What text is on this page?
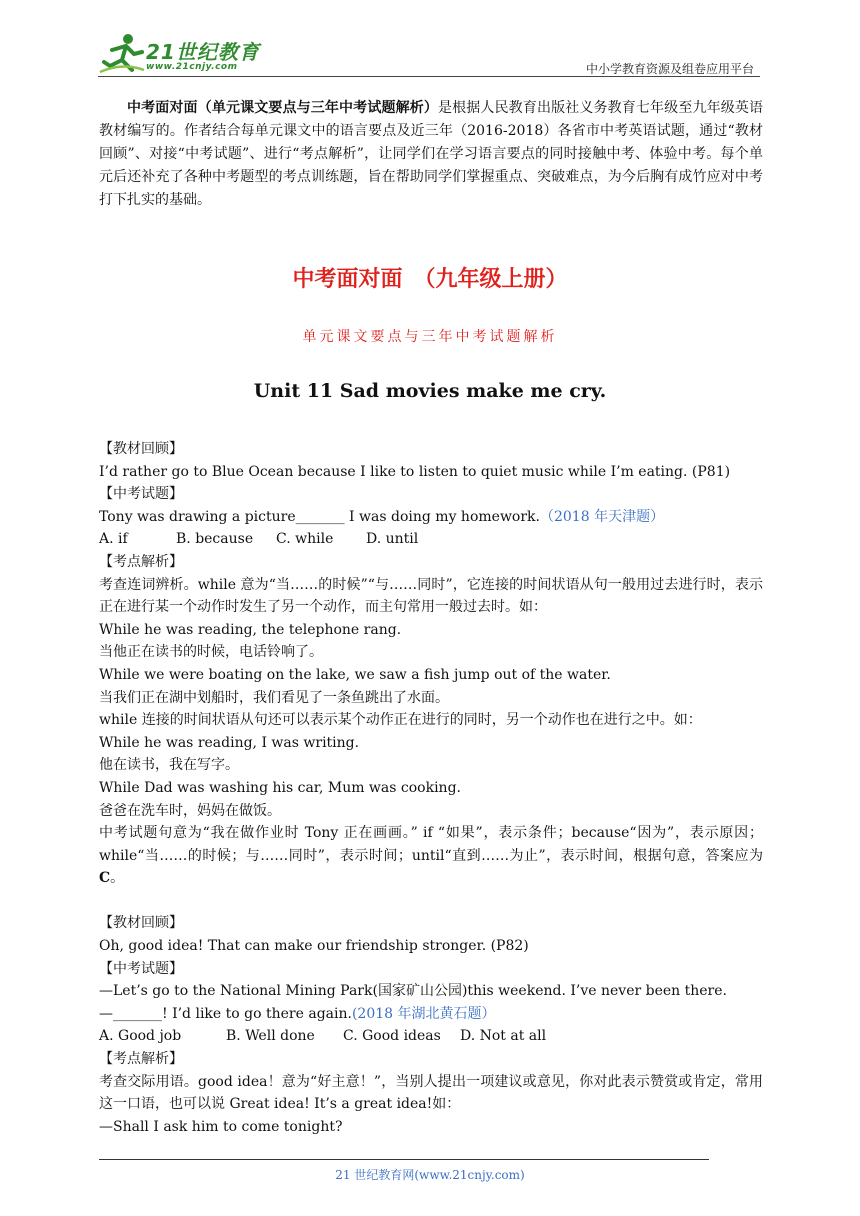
21世纪教育
www.21cnjy.com	中小学教育资源及组卷应用平台
中考面对面（单元课文要点与三年中考试题解析）是根据人民教育出版社义务教育七年级至九年级英语教材编写的。作者结合每单元课文中的语言要点及近三年（2016-2018）各省市中考英语试题，通过“教材回顾”、对接“中考试题”、进行“考点解析”，让同学们在学习语言要点的同时接触中考、体验中考。每个单元后还补充了各种中考题型的考点训练题，旨在帮助同学们掌握重点、突破难点，为今后胸有成竹应对中考打下扎实的基础。
中考面对面　（九年级上册）
单元课文要点与三年中考试题解析
Unit 11 Sad movies make me cry.
【教材回顾】
I’d rather go to Blue Ocean because I like to listen to quiet music while I’m eating. (P81)
【中考试题】
Tony was drawing a picture_______ I was doing my homework.（2018 年天津题）
A. if	B. because C. while D. until
【考点解析】
考查连词辨析。while 意为“当……的时候”“与……同时”，它连接的时间状语从句一般用过去进行时，表示正在进行某一个动作时发生了另一个动作，而主句常用一般过去时。如：
While he was reading, the telephone rang.
当他正在读书的时候，电话铃响了。
While we were boating on the lake, we saw a fish jump out of the water.
当我们正在湖中划船时，我们看见了一条鱼跳出了水面。
while 连接的时间状语从句还可以表示某个动作正在进行的同时，另一个动作也在进行之中。如：
While he was reading, I was writing.
他在读书，我在写字。
While Dad was washing his car, Mum was cooking.
爸爸在洗车时，妈妈在做饭。
中考试题句意为“我在做作业时 Tony 正在画画。” if “如果”，表示条件；because“因为”，表示原因；while“当……的时候；与……同时”，表示时间；until“直到……为止”，表示时间，根据句意，答案应为C。
【教材回顾】
Oh, good idea! That can make our friendship stronger. (P82)
【中考试题】
—Let’s go to the National Mining Park(国家矿山公园)this weekend. I’ve never been there.
—_______! I’d like to go there again.(2018 年湖北黄石题）
A. Good job	B. Well done C. Good ideas D. Not at all
【考点解析】
考查交际用语。good idea！意为“好主意！”，当别人提出一项建议或意见，你对此表示赞赏或肯定，常用这一口语，也可以说 Great idea! It’s a great idea!如：
—Shall I ask him to come tonight?
21 世纪教育网(www.21cnjy.com)
